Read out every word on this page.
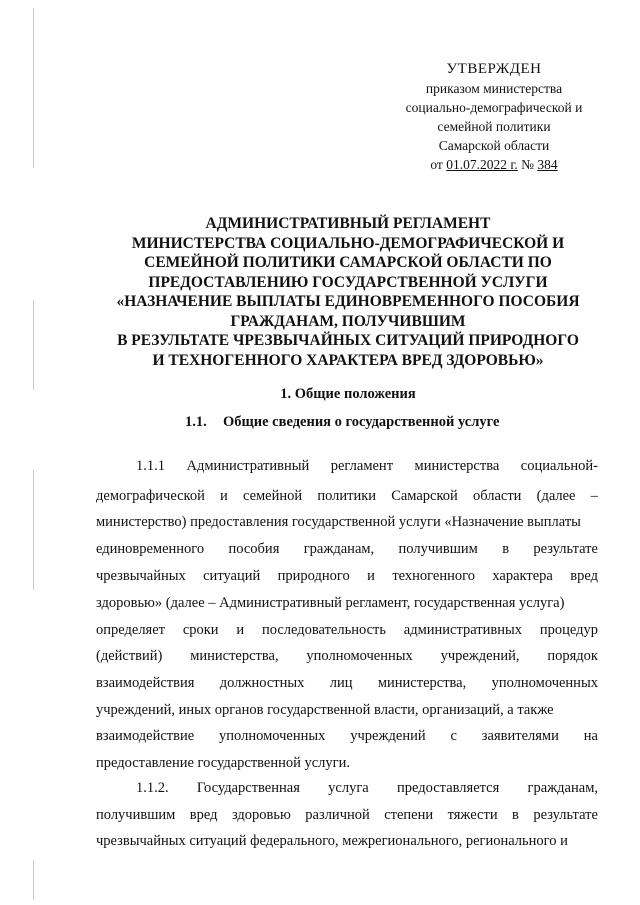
УТВЕРЖДЕН
приказом министерства
социально-демографической и
семейной политики
Самарской области
от 01.07.2022 г. № 384
АДМИНИСТРАТИВНЫЙ РЕГЛАМЕНТ
МИНИСТЕРСТВА СОЦИАЛЬНО-ДЕМОГРАФИЧЕСКОЙ И
СЕМЕЙНОЙ ПОЛИТИКИ САМАРСКОЙ ОБЛАСТИ ПО
ПРЕДОСТАВЛЕНИЮ ГОСУДАРСТВЕННОЙ УСЛУГИ
«НАЗНАЧЕНИЕ ВЫПЛАТЫ ЕДИНОВРЕМЕННОГО ПОСОБИЯ
ГРАЖДАНАМ, ПОЛУЧИВШИМ
В РЕЗУЛЬТАТЕ ЧРЕЗВЫЧАЙНЫХ СИТУАЦИЙ ПРИРОДНОГО
И ТЕХНОГЕННОГО ХАРАКТЕРА ВРЕД ЗДОРОВЬЮ»
1. Общие положения
1.1. Общие сведения о государственной услуге
1.1.1 Административный регламент министерства социальной-
демографической и семейной политики Самарской области (далее –
министерство) предоставления государственной услуги «Назначение выплаты
единовременного пособия гражданам, получившим в результате
чрезвычайных ситуаций природного и техногенного характера вред
здоровью» (далее – Административный регламент, государственная услуга)
определяет сроки и последовательность административных процедур
(действий) министерства, уполномоченных учреждений, порядок
взаимодействия должностных лиц министерства, уполномоченных
учреждений, иных органов государственной власти, организаций, а также
взаимодействие уполномоченных учреждений с заявителями на
предоставление государственной услуги.
1.1.2. Государственная услуга предоставляется гражданам,
получившим вред здоровью различной степени тяжести в результате
чрезвычайных ситуаций федерального, межрегионального, регионального и
